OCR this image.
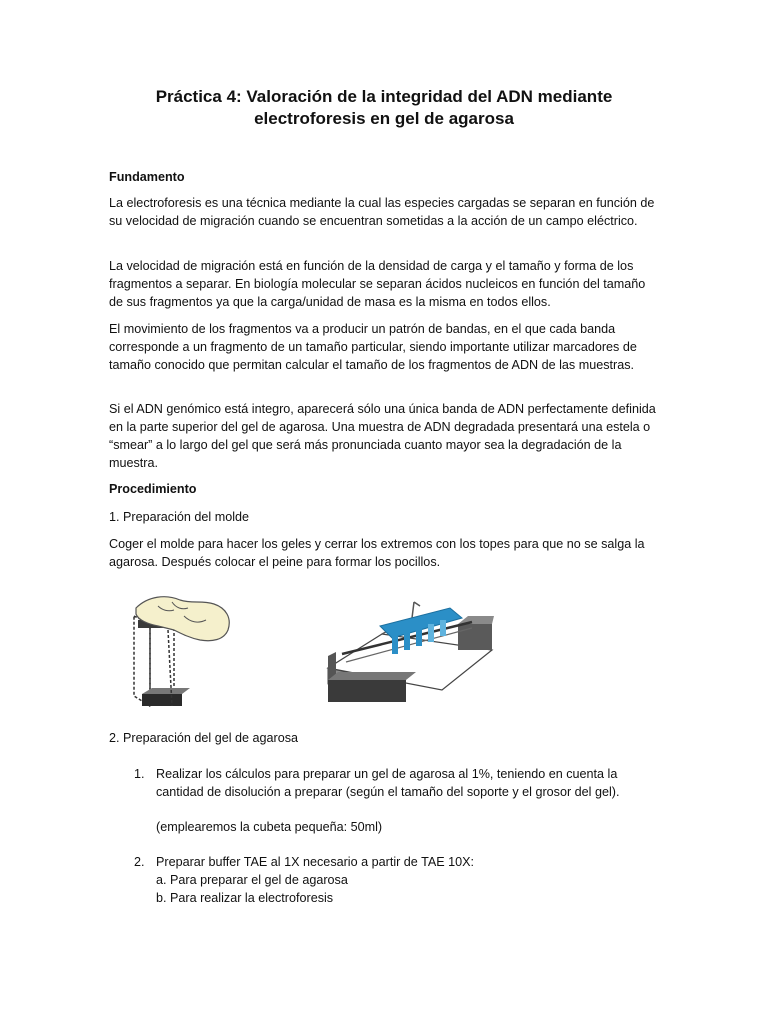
Práctica 4: Valoración de la integridad del ADN mediante electroforesis en gel de agarosa
Fundamento
La electroforesis es una técnica mediante la cual las especies cargadas se separan en función de su velocidad de migración cuando se encuentran sometidas a la acción de un campo eléctrico.
La velocidad de migración está en función de la densidad de carga y el tamaño y forma de los fragmentos a separar. En biología molecular se separan ácidos nucleicos en función del tamaño de sus fragmentos ya que la carga/unidad de masa es la misma en todos ellos.
El movimiento de los fragmentos va a producir un patrón de bandas, en el que cada banda corresponde a un fragmento de un tamaño particular, siendo importante utilizar marcadores de tamaño conocido que permitan calcular el tamaño de los fragmentos de ADN de las muestras.
Si el ADN genómico está integro, aparecerá sólo una única banda de ADN perfectamente definida en la parte superior del gel de agarosa. Una muestra de ADN degradada presentará una estela o “smear” a lo largo del gel que será más pronunciada cuanto mayor sea la degradación de la muestra.
Procedimiento
1. Preparación del molde
Coger el molde para hacer los geles y cerrar los extremos con los topes para que no se salga la agarosa. Después colocar el peine para formar los pocillos.
2. Preparación del gel de agarosa
1. Realizar los cálculos para preparar un gel de agarosa al 1%, teniendo en cuenta la cantidad de disolución a preparar (según el tamaño del soporte y el grosor del gel).
(emplearemos la cubeta pequeña: 50ml)
2. Preparar buffer TAE al 1X necesario a partir de TAE 10X:
a. Para preparar el gel de agarosa
b. Para realizar la electroforesis
